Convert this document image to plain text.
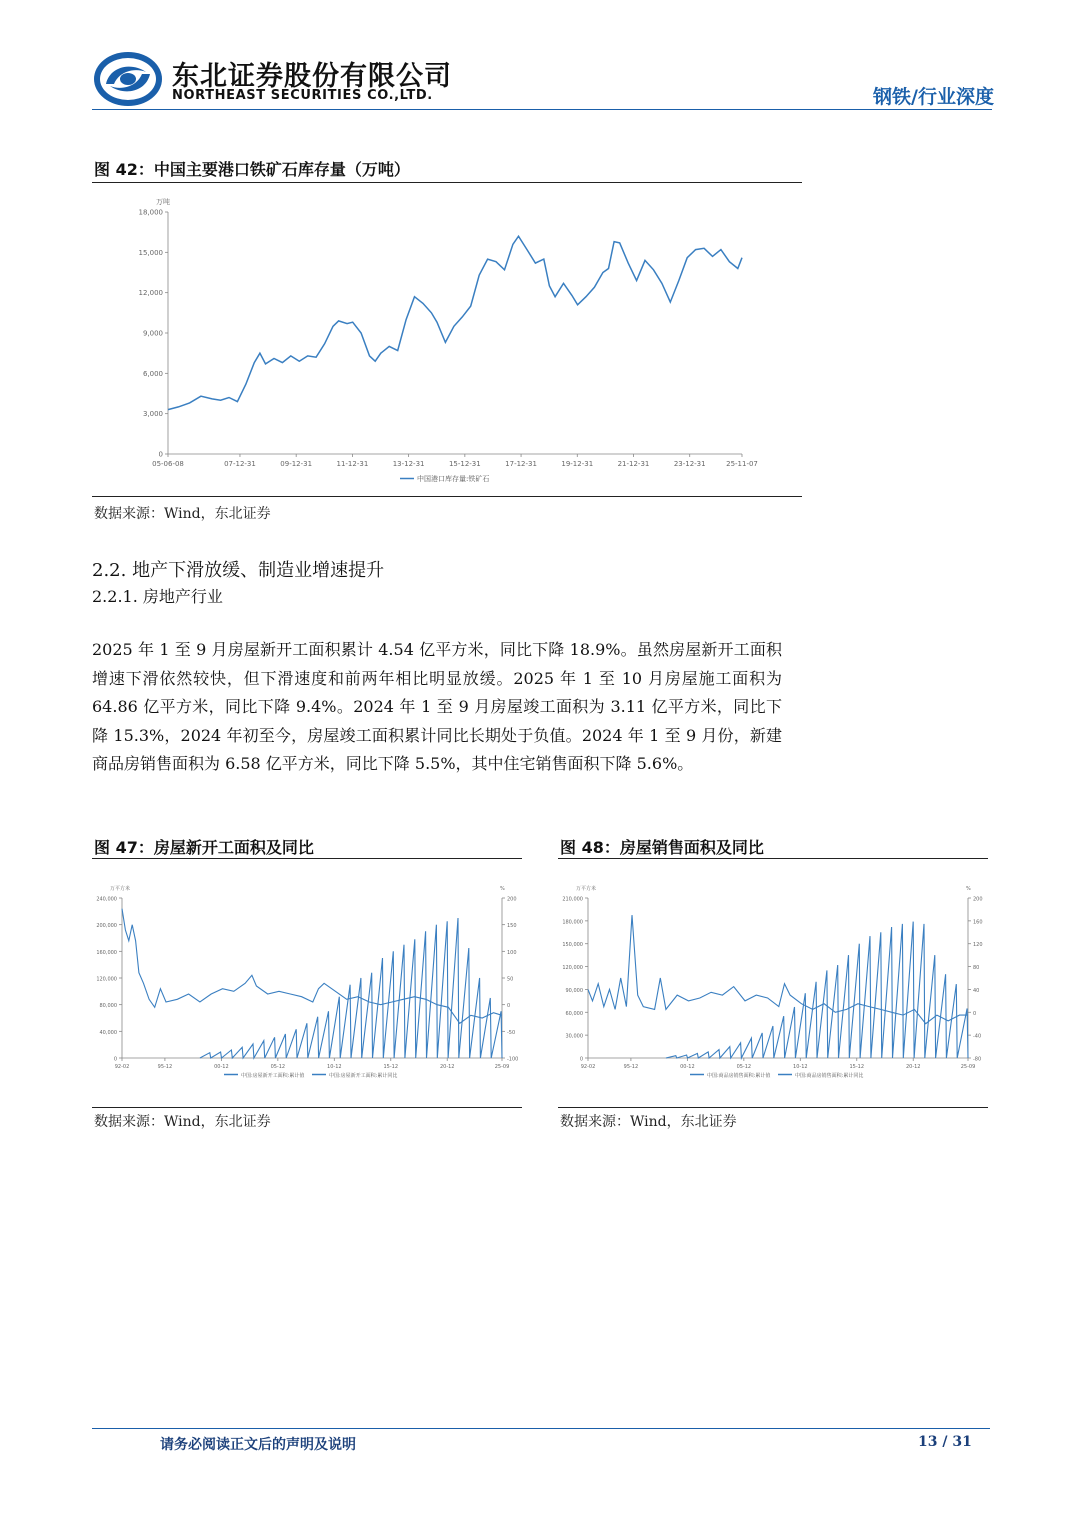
东北证券股份有限公司
NORTHEAST SECURITIES CO.,LTD.	钢铁/行业深度
图 42：中国主要港口铁矿石库存量（万吨）
0
3,000
6,000
9,000
12,000
15,000
18,000
05-06-08	07-12-31	09-12-31	11-12-31	13-12-31	15-12-31	17-12-31	19-12-31	21-12-31	23-12-31	25-11-07
万吨
中国港口库存量:铁矿石
数据来源：Wind，东北证券
2.2. 地产下滑放缓、制造业增速提升
2.2.1. 房地产行业
2025 年 1 至 9 月房屋新开工面积累计 4.54 亿平方米，同比下降 18.9%。虽然房屋新开工面积增速下滑依然较快，但下滑速度和前两年相比明显放缓。2025 年 1 至 10 月房屋施工面积为 64.86 亿平方米，同比下降 9.4%。2024 年 1 至 9 月房屋竣工面积为 3.11 亿平方米，同比下降 15.3%，2024 年初至今，房屋竣工面积累计同比长期处于负值。2024 年 1 至 9 月份，新建商品房销售面积为 6.58 亿平方米，同比下降 5.5%，其中住宅销售面积下降 5.6%。
图 47：房屋新开工面积及同比
0
40,000
80,000
120,000
160,000
200,000
240,000
-100
-50
0
50
100
150
200
92-02	95-12	00-12	05-12	10-12	15-12	20-12	25-09
万平方米	%
中国:房屋新开工面积:累计值	中国:房屋新开工面积:累计同比
数据来源：Wind，东北证券
图 48：房屋销售面积及同比
0
30,000
60,000
90,000
120,000
150,000
180,000
210,000
-80
-40
0
40
80
120
160
200
92-02	95-12	00-12	05-12	10-12	15-12	20-12	25-09
万平方米	%
中国:商品房销售面积:累计值	中国:商品房销售面积:累计同比
数据来源：Wind，东北证券
请务必阅读正文后的声明及说明	13 / 31
